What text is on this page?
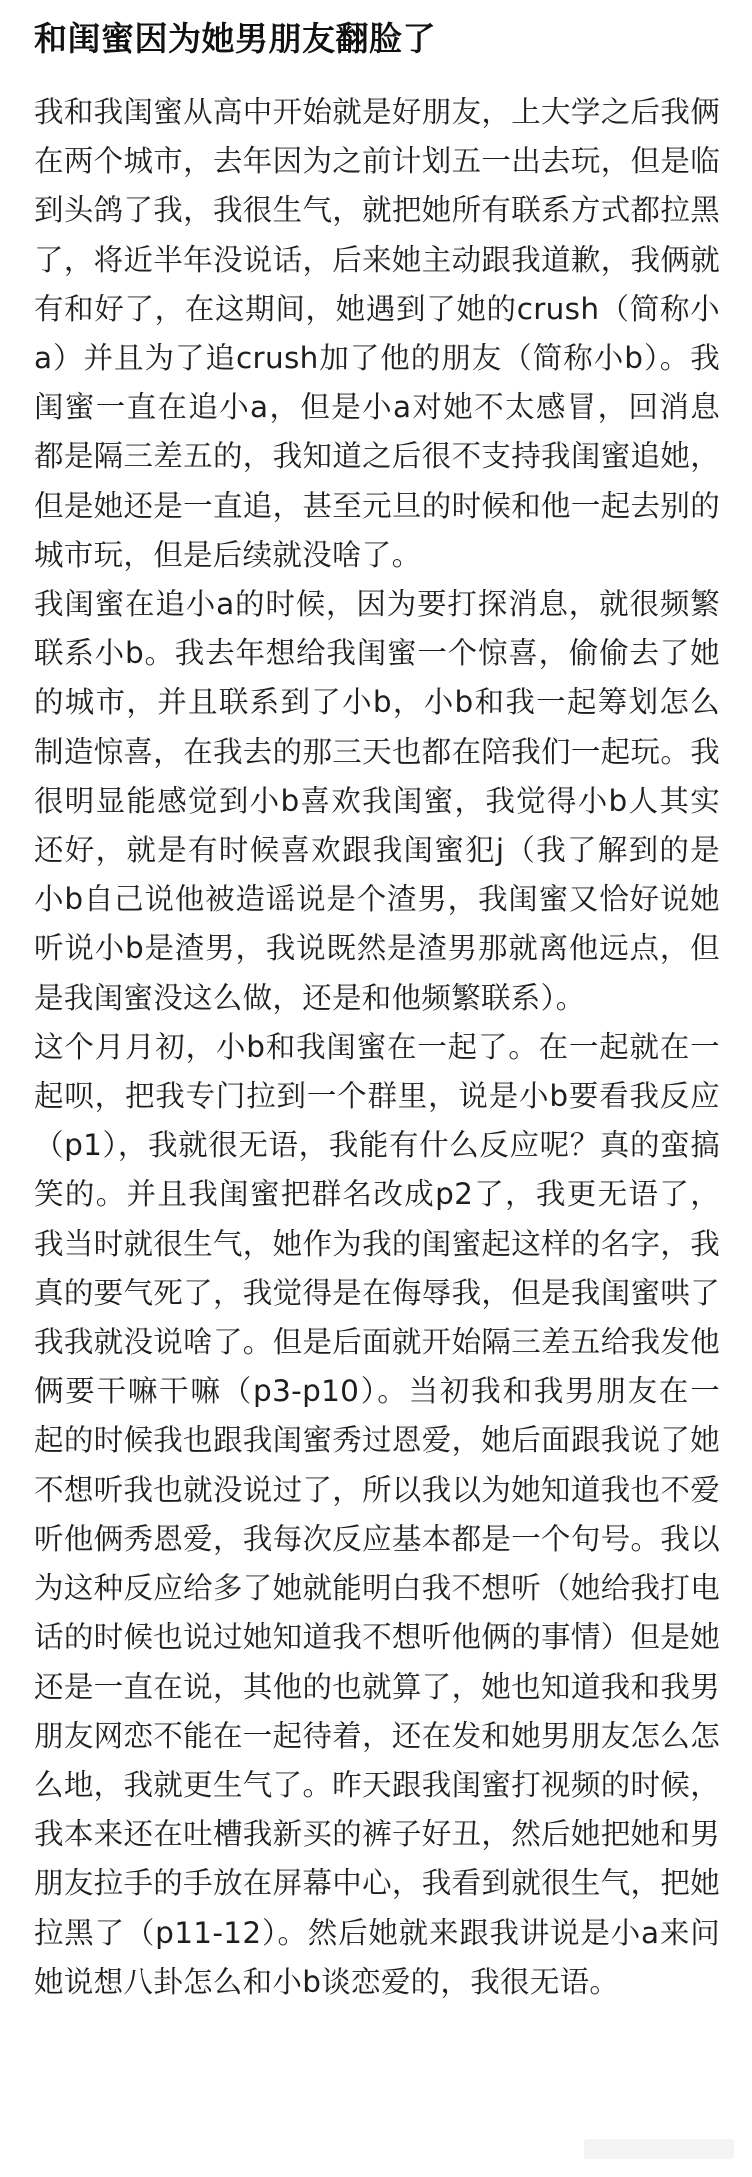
和闺蜜因为她男朋友翻脸了

我和我闺蜜从高中开始就是好朋友，上大学之后我俩在两个城市，去年因为之前计划五一出去玩，但是临到头鸽了我，我很生气，就把她所有联系方式都拉黑了，将近半年没说话，后来她主动跟我道歉，我俩就有和好了，在这期间，她遇到了她的crush（简称小a）并且为了追crush加了他的朋友（简称小b）。我闺蜜一直在追小a，但是小a对她不太感冒，回消息都是隔三差五的，我知道之后很不支持我闺蜜追她，但是她还是一直追，甚至元旦的时候和他一起去别的城市玩，但是后续就没啥了。

我闺蜜在追小a的时候，因为要打探消息，就很频繁联系小b。我去年想给我闺蜜一个惊喜，偷偷去了她的城市，并且联系到了小b，小b和我一起筹划怎么制造惊喜，在我去的那三天也都在陪我们一起玩。我很明显能感觉到小b喜欢我闺蜜，我觉得小b人其实还好，就是有时候喜欢跟我闺蜜犯j（我了解到的是小b自己说他被造谣说是个渣男，我闺蜜又恰好说她听说小b是渣男，我说既然是渣男那就离他远点，但是我闺蜜没这么做，还是和他频繁联系）。

这个月月初，小b和我闺蜜在一起了。在一起就在一起呗，把我专门拉到一个群里，说是小b要看我反应（p1），我就很无语，我能有什么反应呢？真的蛮搞笑的。并且我闺蜜把群名改成p2了，我更无语了，我当时就很生气，她作为我的闺蜜起这样的名字，我真的要气死了，我觉得是在侮辱我，但是我闺蜜哄了我我就没说啥了。但是后面就开始隔三差五给我发他俩要干嘛干嘛（p3-p10）。当初我和我男朋友在一起的时候我也跟我闺蜜秀过恩爱，她后面跟我说了她不想听我也就没说过了，所以我以为她知道我也不爱听他俩秀恩爱，我每次反应基本都是一个句号。我以为这种反应给多了她就能明白我不想听（她给我打电话的时候也说过她知道我不想听他俩的事情）但是她还是一直在说，其他的也就算了，她也知道我和我男朋友网恋不能在一起待着，还在发和她男朋友怎么怎么地，我就更生气了。昨天跟我闺蜜打视频的时候，我本来还在吐槽我新买的裤子好丑，然后她把她和男朋友拉手的手放在屏幕中心，我看到就很生气，把她拉黑了（p11-12）。然后她就来跟我讲说是小a来问她说想八卦怎么和小b谈恋爱的，我很无语。
